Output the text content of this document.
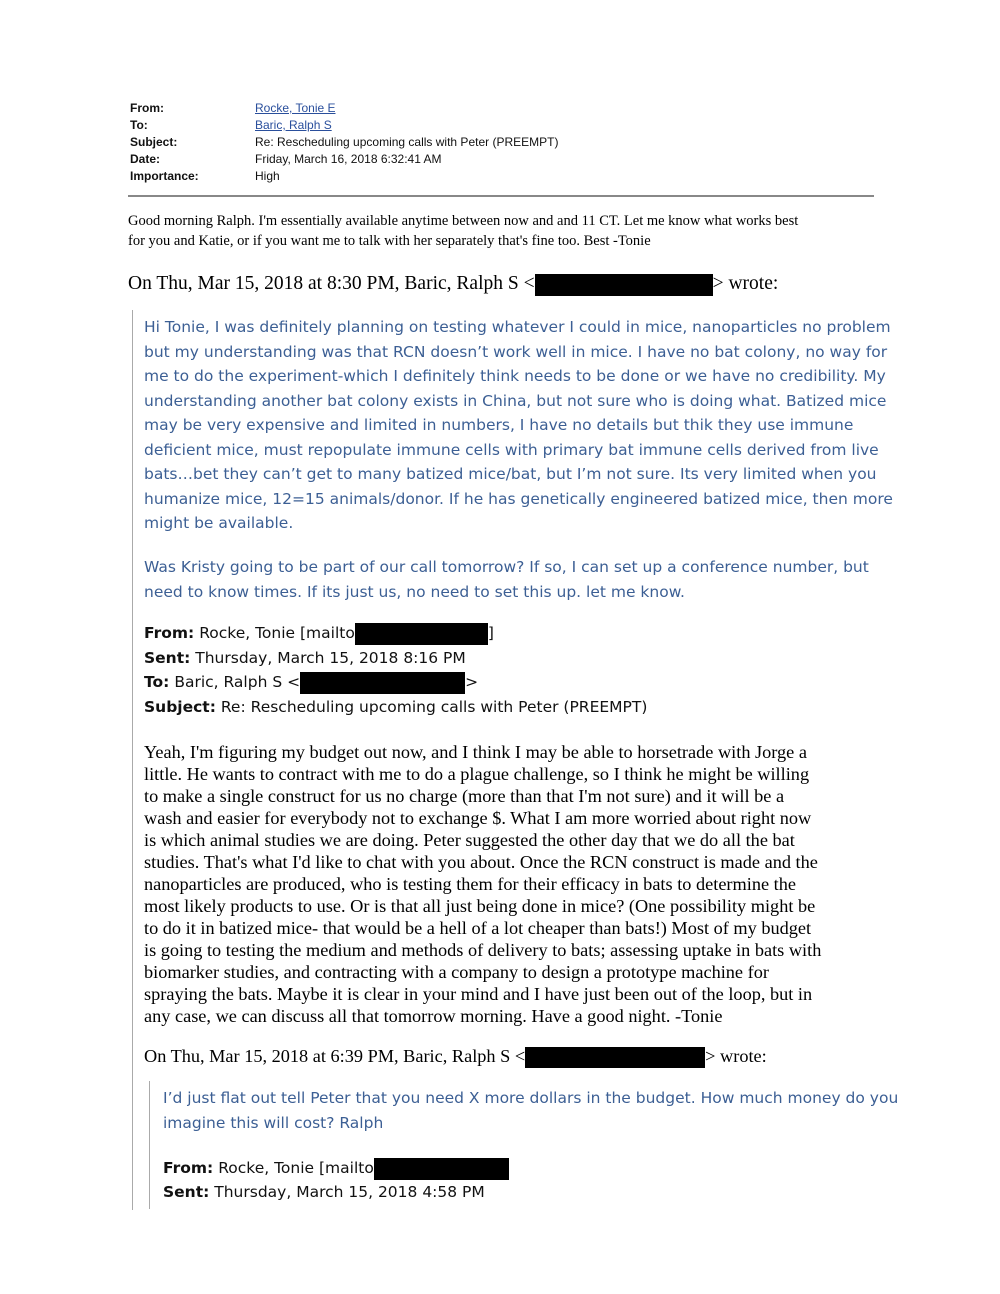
From:	Rocke, Tonie E
To:	Baric, Ralph S
Subject:	Re: Rescheduling upcoming calls with Peter (PREEMPT)
Date:	Friday, March 16, 2018 6:32:41 AM
Importance:	High
Good morning Ralph. I'm essentially available anytime between now and and 11 CT. Let me know what works best
for you and Katie, or if you want me to talk with her separately that's fine too. Best -Tonie
On Thu, Mar 15, 2018 at 8:30 PM, Baric, Ralph S <	> wrote:
Hi Tonie, I was definitely planning on testing whatever I could in mice, nanoparticles no problem
but my understanding was that RCN doesn’t work well in mice. I have no bat colony, no way for
me to do the experiment-which I definitely think needs to be done or we have no credibility. My
understanding another bat colony exists in China, but not sure who is doing what. Batized mice
may be very expensive and limited in numbers, I have no details but thik they use immune
deficient mice, must repopulate immune cells with primary bat immune cells derived from live
bats…bet they can’t get to many batized mice/bat, but I’m not sure. Its very limited when you
humanize mice, 12=15 animals/donor. If he has genetically engineered batized mice, then more
might be available.
Was Kristy going to be part of our call tomorrow? If so, I can set up a conference number, but
need to know times. If its just us, no need to set this up. let me know.
From: Rocke, Tonie [mailto	]
Sent: Thursday, March 15, 2018 8:16 PM
To: Baric, Ralph S <	>
Subject: Re: Rescheduling upcoming calls with Peter (PREEMPT)
Yeah, I'm figuring my budget out now, and I think I may be able to horsetrade with Jorge a
little. He wants to contract with me to do a plague challenge, so I think he might be willing
to make a single construct for us no charge (more than that I'm not sure) and it will be a
wash and easier for everybody not to exchange $. What I am more worried about right now
is which animal studies we are doing. Peter suggested the other day that we do all the bat
studies. That's what I'd like to chat with you about. Once the RCN construct is made and the
nanoparticles are produced, who is testing them for their efficacy in bats to determine the
most likely products to use. Or is that all just being done in mice? (One possibility might be
to do it in batized mice- that would be a hell of a lot cheaper than bats!) Most of my budget
is going to testing the medium and methods of delivery to bats; assessing uptake in bats with
biomarker studies, and contracting with a company to design a prototype machine for
spraying the bats. Maybe it is clear in your mind and I have just been out of the loop, but in
any case, we can discuss all that tomorrow morning. Have a good night. -Tonie
On Thu, Mar 15, 2018 at 6:39 PM, Baric, Ralph S <	> wrote:
I’d just flat out tell Peter that you need X more dollars in the budget. How much money do you
imagine this will cost? Ralph
From: Rocke, Tonie [mailto
Sent: Thursday, March 15, 2018 4:58 PM
